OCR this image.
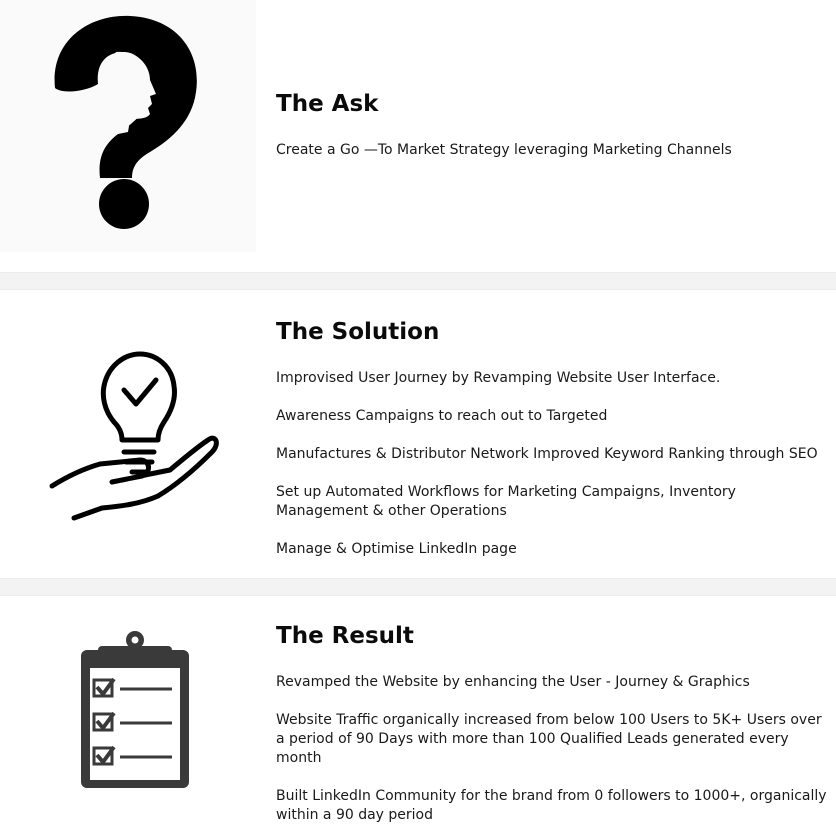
The Ask

Create a Go —To Market Strategy leveraging Marketing Channels

The Solution

Improvised User Journey by Revamping Website User Interface.

Awareness Campaigns to reach out to Targeted

Manufactures & Distributor Network Improved Keyword Ranking through SEO

Set up Automated Workflows for Marketing Campaigns, Inventory Management & other Operations

Manage & Optimise LinkedIn page

The Result

Revamped the Website by enhancing the User - Journey & Graphics

Website Traffic organically increased from below 100 Users to 5K+ Users over a period of 90 Days with more than 100 Qualified Leads generated every month

Built LinkedIn Community for the brand from 0 followers to 1000+, organically within a 90 day period
